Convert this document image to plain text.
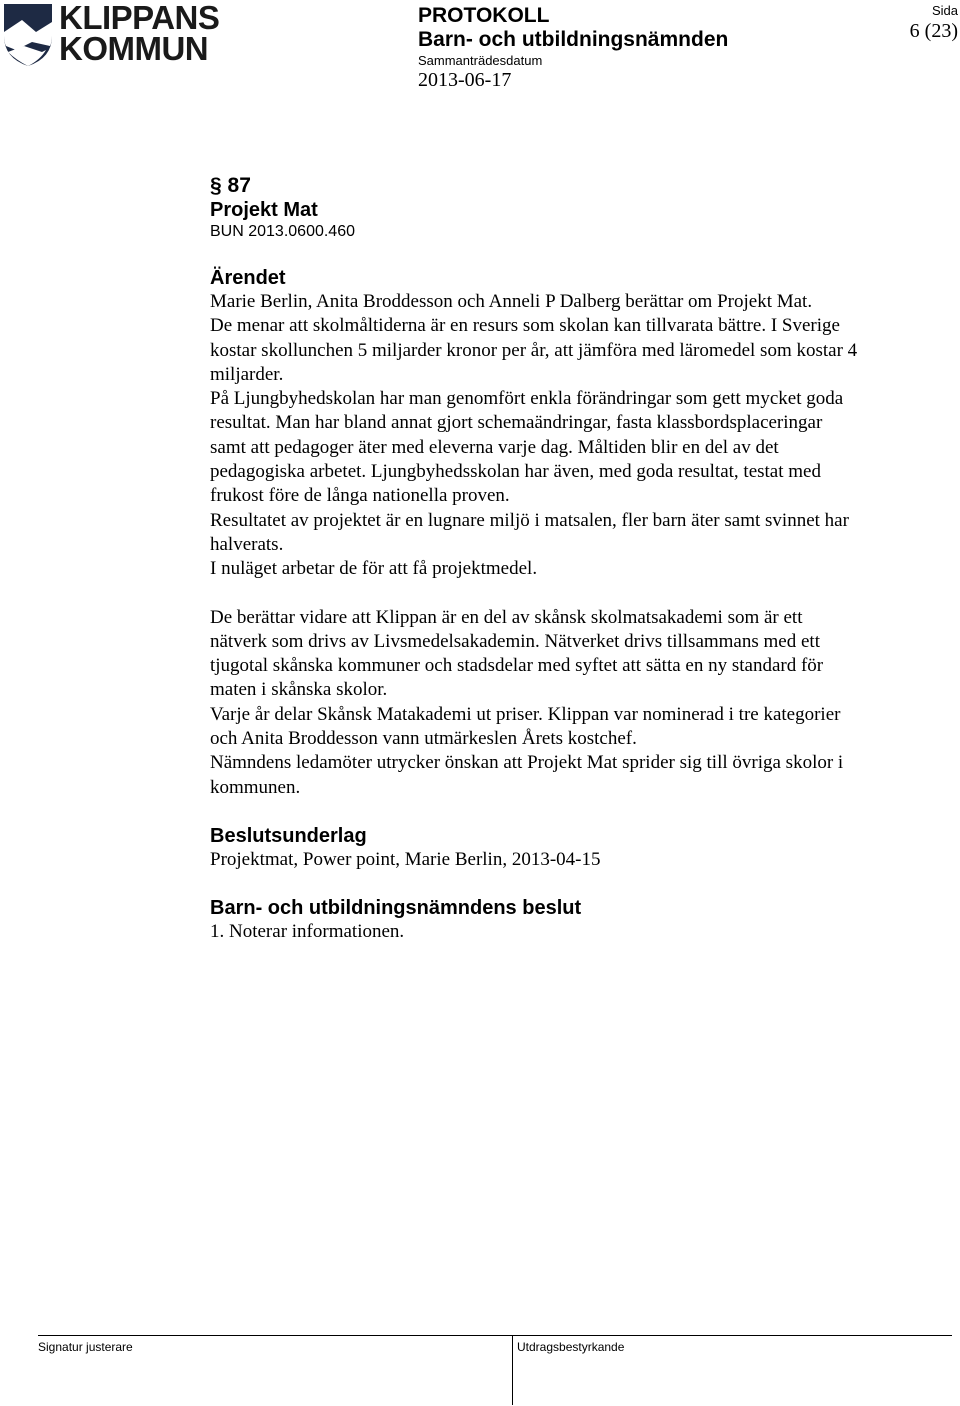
KLIPPANS
KOMMUN
PROTOKOLL
Barn- och utbildningsnämnden
Sammanträdesdatum
2013-06-17
Sida
6 (23)
§ 87
Projekt Mat
BUN 2013.0600.460
Ärendet

Marie Berlin, Anita Broddesson och Anneli P Dalberg berättar om Projekt Mat.

De menar att skolmåltiderna är en resurs som skolan kan tillvarata bättre. I Sverige

kostar skollunchen 5 miljarder kronor per år, att jämföra med läromedel som kostar 4

miljarder.

På Ljungbyhedskolan har man genomfört enkla förändringar som gett mycket goda

resultat. Man har bland annat gjort schemaändringar, fasta klassbordsplaceringar

samt att pedagoger äter med eleverna varje dag. Måltiden blir en del av det

pedagogiska arbetet. Ljungbyhedsskolan har även, med goda resultat, testat med

frukost före de långa nationella proven.

Resultatet av projektet är en lugnare miljö i matsalen, fler barn äter samt svinnet har

halverats.

I nuläget arbetar de för att få projektmedel.

De berättar vidare att Klippan är en del av skånsk skolmatsakademi som är ett

nätverk som drivs av Livsmedelsakademin. Nätverket drivs tillsammans med ett

tjugotal skånska kommuner och stadsdelar med syftet att sätta en ny standard för

maten i skånska skolor.

Varje år delar Skånsk Matakademi ut priser. Klippan var nominerad i tre kategorier

och Anita Broddesson vann utmärkeslen Årets kostchef.

Nämndens ledamöter utrycker önskan att Projekt Mat sprider sig till övriga skolor i

kommunen.

Beslutsunderlag

Projektmat, Power point, Marie Berlin, 2013-04-15

Barn- och utbildningsnämndens beslut

1. Noterar informationen.

Signatur justerare	Utdragsbestyrkande
